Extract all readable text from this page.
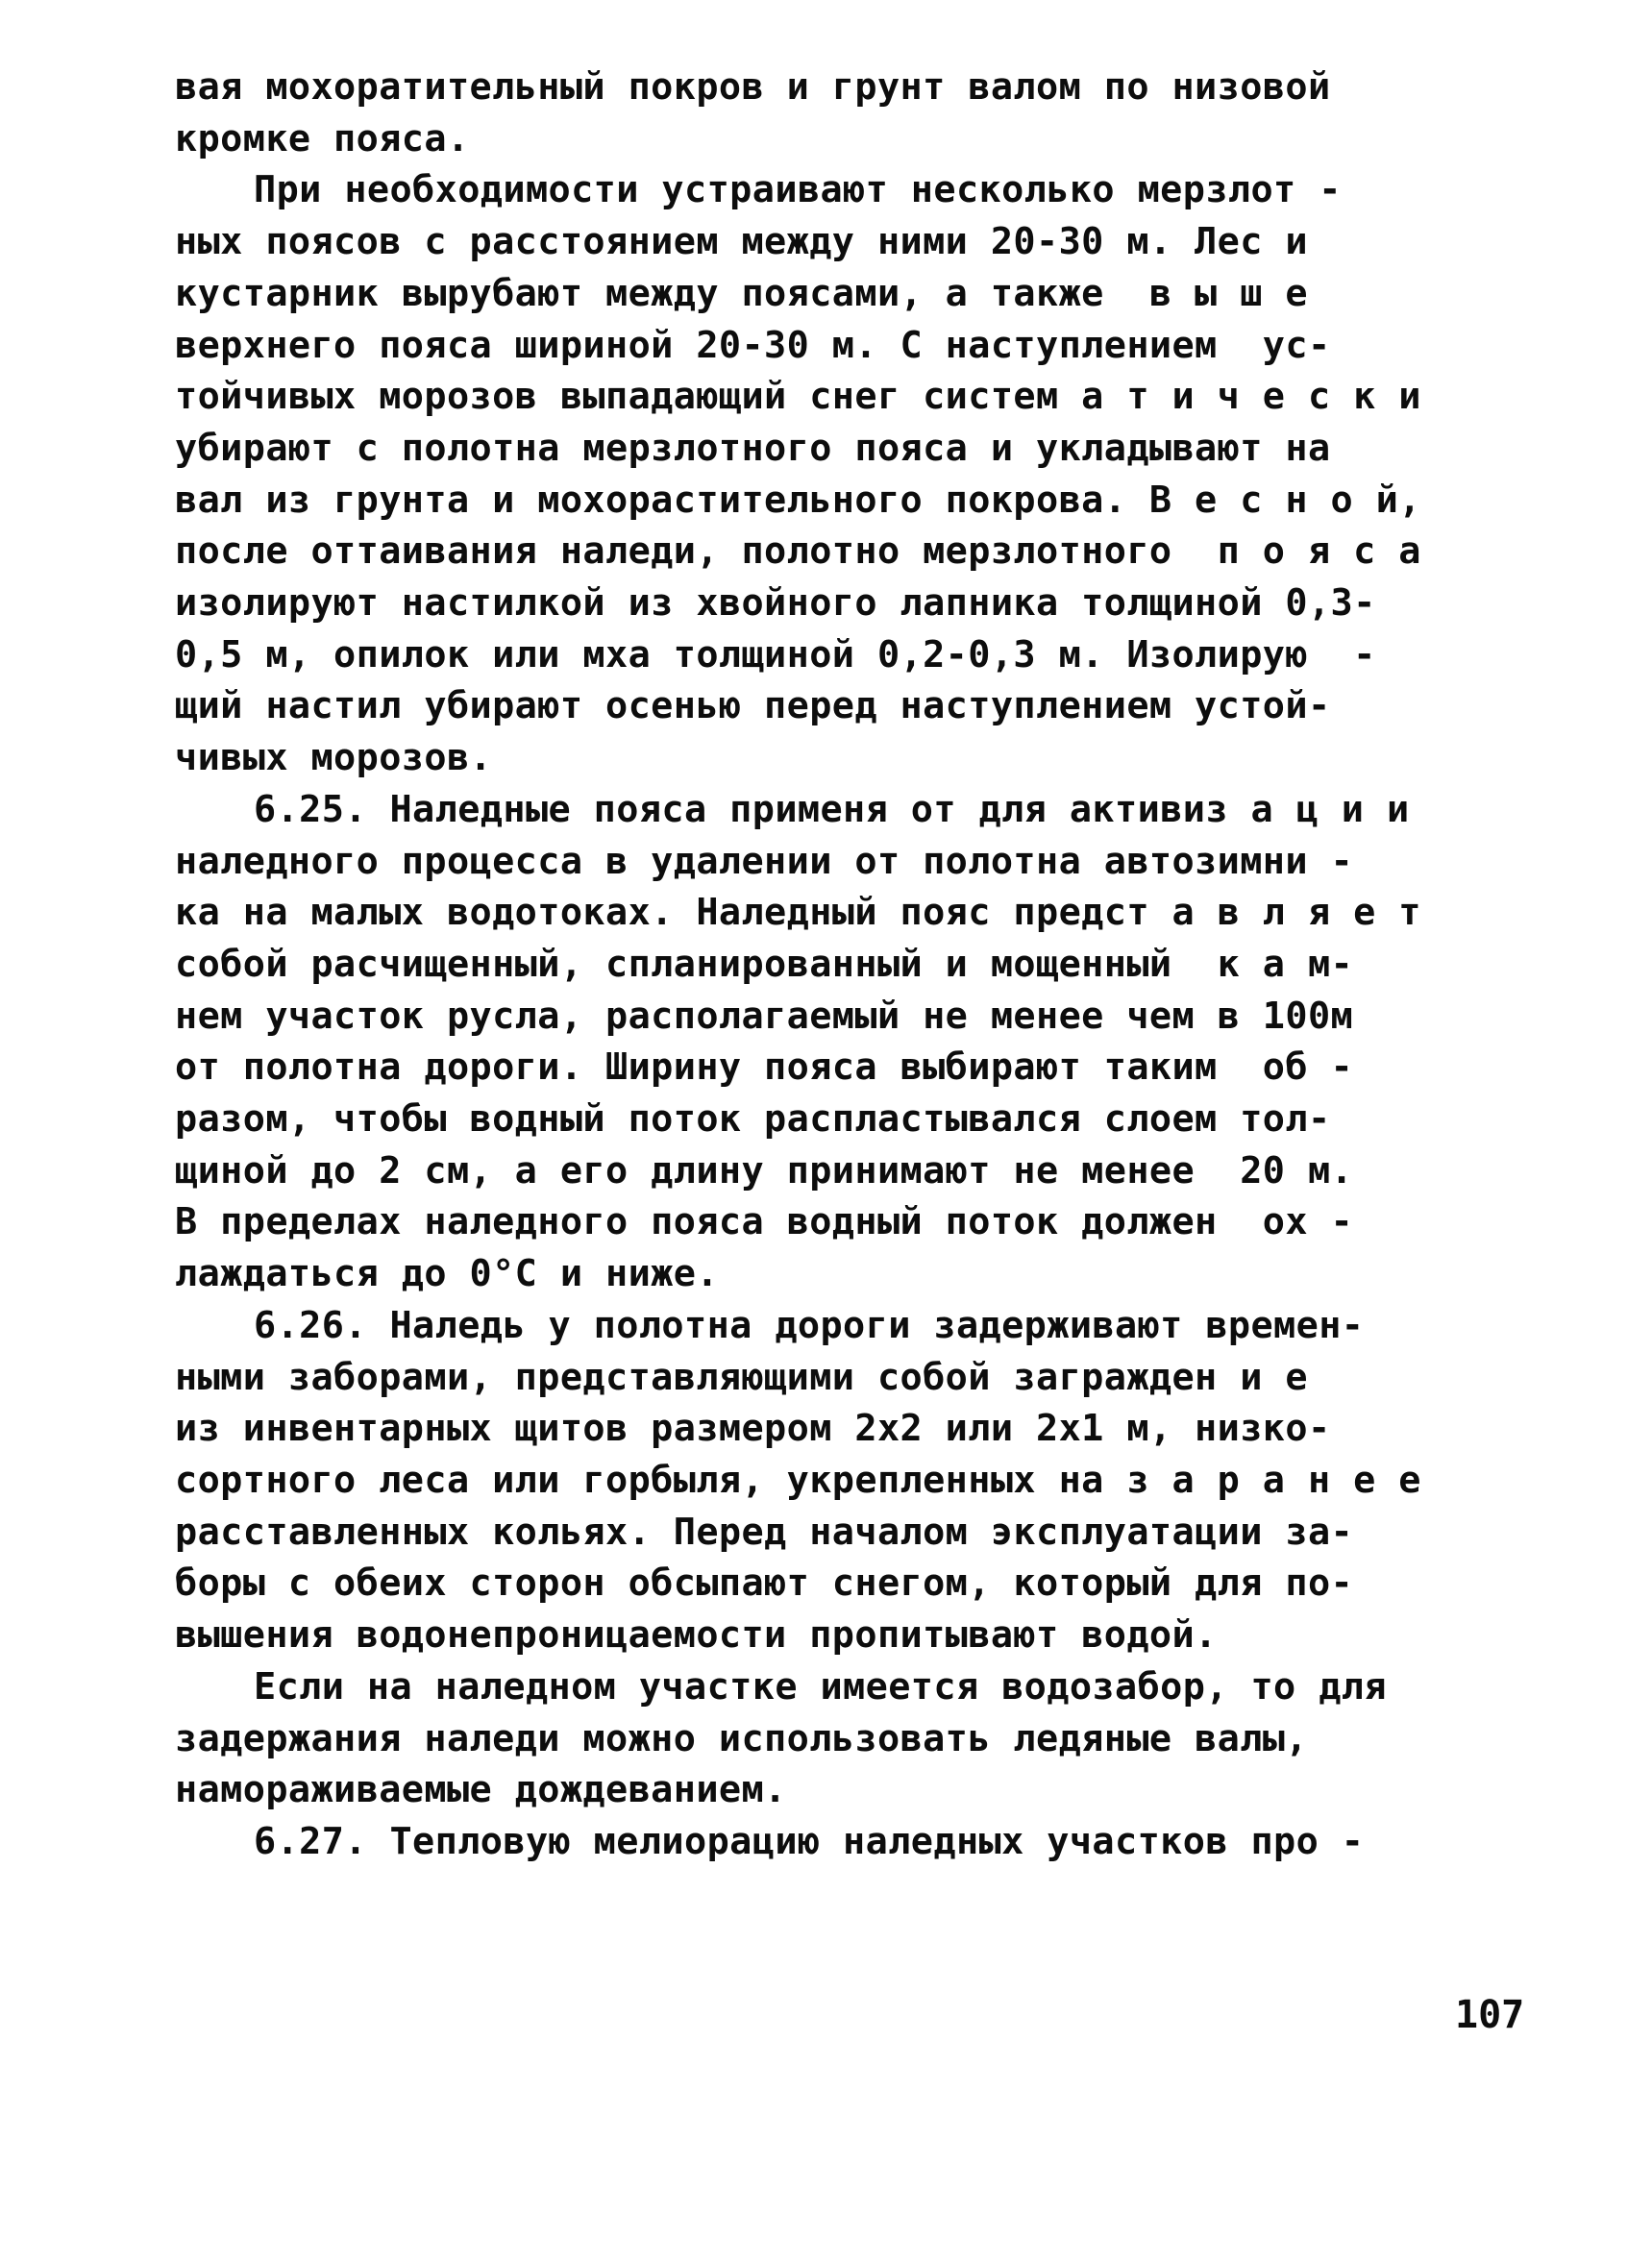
вая мохоратительный покров и грунт валом по низовой
кромке пояса.
При необходимости устраивают несколько мерзлот -
ных поясов с расстоянием между ними 20-30 м. Лес и
кустарник вырубают между поясами, а также  в ы ш е
верхнего пояса шириной 20-30 м. С наступлением  ус-
тойчивых морозов выпадающий снег систем а т и ч е с к и
убирают с полотна мерзлотного пояса и укладывают на
вал из грунта и мохорастительного покрова. В е с н о й,
после оттаивания наледи, полотно мерзлотного  п о я с а
изолируют настилкой из хвойного лапника толщиной 0,3-
0,5 м, опилок или мха толщиной 0,2-0,3 м. Изолирую  -
щий настил убирают осенью перед наступлением устой-
чивых морозов.
6.25. Наледные пояса применя от для активиз а ц и и
наледного процесса в удалении от полотна автозимни -
ка на малых водотоках. Наледный пояс предст а в л я е т
собой расчищенный, спланированный и мощенный  к а м-
нем участок русла, располагаемый не менее чем в 100м
от полотна дороги. Ширину пояса выбирают таким  об -
разом, чтобы водный поток распластывался слоем тол-
щиной до 2 см, а его длину принимают не менее  20 м.
В пределах наледного пояса водный поток должен  ох -
лаждаться до 0°С и ниже.
6.26. Наледь у полотна дороги задерживают времен-
ными заборами, представляющими собой загражден и е
из инвентарных щитов размером 2х2 или 2х1 м, низко-
сортного леса или горбыля, укрепленных на з а р а н е е
расставленных кольях. Перед началом эксплуатации за-
боры с обеих сторон обсыпают снегом, который для по-
вышения водонепроницаемости пропитывают водой.
Если на наледном участке имеется водозабор, то для
задержания наледи можно использовать ледяные валы,
намораживаемые дождеванием.
6.27. Тепловую мелиорацию наледных участков про -
107
